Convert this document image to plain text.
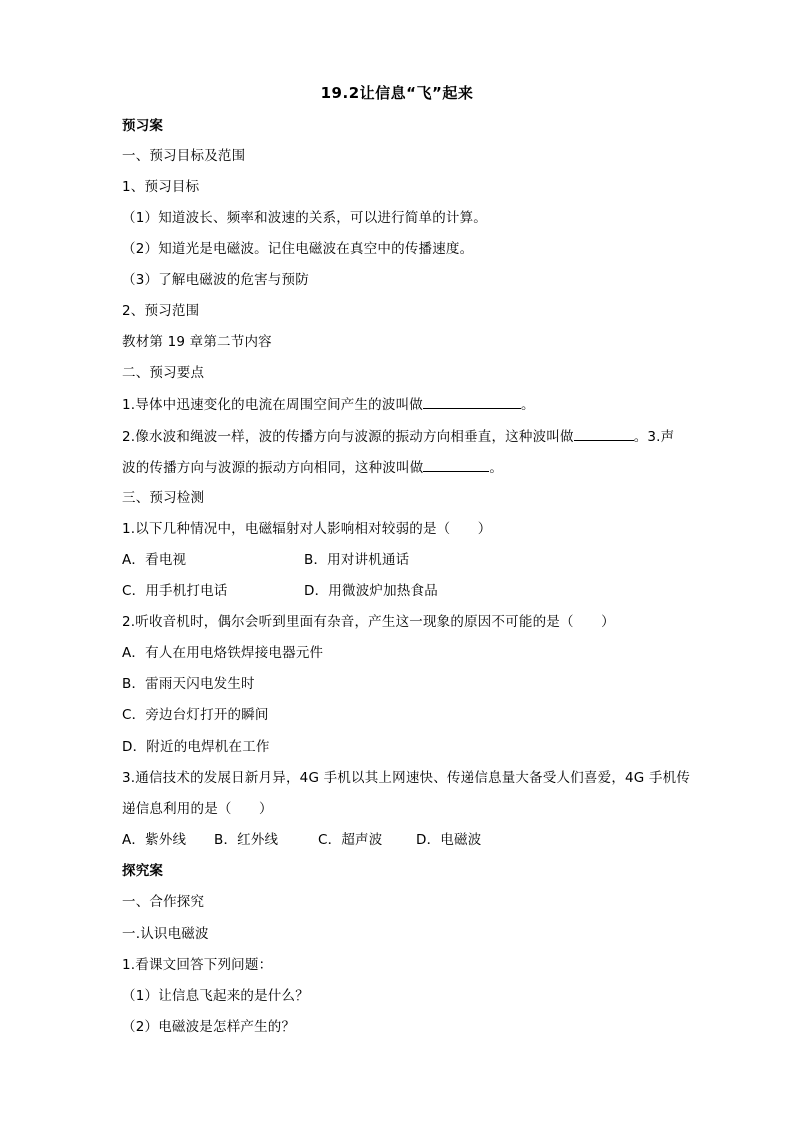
19.2让信息“飞”起来
预习案
一、预习目标及范围
1、预习目标
（1）知道波长、频率和波速的关系，可以进行简单的计算。
（2）知道光是电磁波。记住电磁波在真空中的传播速度。
（3）了解电磁波的危害与预防
2、预习范围
教材第 19 章第二节内容
二、预习要点
1.导体中迅速变化的电流在周围空间产生的波叫做	。
2.像水波和绳波一样，波的传播方向与波源的振动方向相垂直，这种波叫做	。3.声
波的传播方向与波源的振动方向相同，这种波叫做	。
三、预习检测
1.以下几种情况中，电磁辐射对人影响相对较弱的是（　　）
A．看电视	B．用对讲机通话
C．用手机打电话	D．用微波炉加热食品
2.听收音机时，偶尔会听到里面有杂音，产生这一现象的原因不可能的是（　　）
A．有人在用电烙铁焊接电器元件
B．雷雨天闪电发生时
C．旁边台灯打开的瞬间
D．附近的电焊机在工作
3.通信技术的发展日新月异，4G 手机以其上网速快、传递信息量大备受人们喜爱，4G 手机传
递信息利用的是（　　）
A．紫外线 B．红外线	C．超声波 D．电磁波
探究案
一、合作探究
一.认识电磁波
1.看课文回答下列问题：
（1）让信息飞起来的是什么？
（2）电磁波是怎样产生的？
